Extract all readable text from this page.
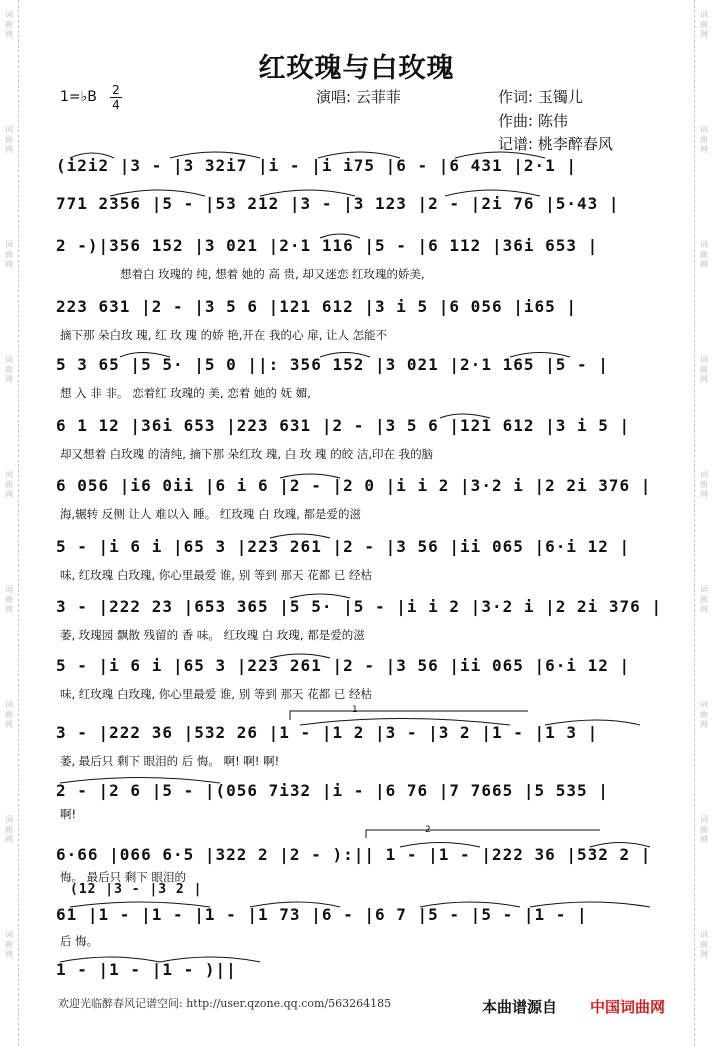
词曲网
词曲网
词曲网
词曲网
词曲网
词曲网
词曲网
词曲网
词曲网
词曲网
词曲网
词曲网
词曲网
词曲网
词曲网
词曲网
词曲网
词曲网
红玫瑰与白玫瑰
1=♭B 2
4	演唱: 云菲菲	作词: 玉镯儿
作曲: 陈伟
记谱: 桃李醉春风
(i2i2 |3 - |3 32i7 |i - |i i75 |6 - |6 431 |2·1 |
771 2356 |5 - |53 212 |3 - |3 123 |2 - |2i 76 |5·43 |
2 -)|356 152 |3 021 |2·1 116 |5 - |6 112 |36i 653 |
想着白 玫瑰的 纯, 想着 她的 高 贵, 却又迷恋 红玫瑰的娇美,
223 631 |2 - |3 5 6 |121 612 |3 i 5 |6 056 |i65 |
摘下那 朵白玫 瑰, 红 玫 瑰 的娇 艳,开在 我的心 扉, 让人 怎能不
5 3 65 |5 5· |5 0 ||: 356 152 |3 021 |2·1 165 |5 - |
想 入 非 非。 恋着红 玫瑰的 美, 恋着 她的 妩 媚,
6 1 12 |36i 653 |223 631 |2 - |3 5 6 |121 612 |3 i 5 |
却又想着 白玫瑰 的清纯, 摘下那 朵红玫 瑰, 白 玫 瑰 的皎 洁,印在 我的脑
6 056 |i6 0ii |6 i 6 |2 - |2 0 |i i 2 |3·2 i |2 2i 376 |
海,辗转 反侧 让人 难以入 睡。 红玫瑰 白 玫瑰, 都是爱的滋
5 - |i 6 i |65 3 |223 261 |2 - |3 56 |ii 065 |6·i 12 |
味, 红玫瑰 白玫瑰, 你心里最爱 谁, 别 等到 那天 花都 已 经枯
3 - |222 23 |653 365 |5 5· |5 - |i i 2 |3·2 i |2 2i 376 |
萎, 玫瑰园 飘散 残留的 香 味。 红玫瑰 白 玫瑰, 都是爱的滋
5 - |i 6 i |65 3 |223 261 |2 - |3 56 |ii 065 |6·i 12 |
味, 红玫瑰 白玫瑰, 你心里最爱 谁, 别 等到 那天 花都 已 经枯
3 - |222 36 |532 26 |1 - |1 2 |3 - |3 2 |1 - |1 3 |
萎, 最后只 剩下 眼泪的 后 悔。 啊! 啊! 啊!
2 - |2 6 |5 - |(056 7i32 |i - |6 76 |7 7665 |5 535 |
啊!
6·66 |066 6·5 |322 2 |2 - ):|| 1 - |1 - |222 36 |532 2 |
悔。 最后只 剩下 眼泪的
(12 |3 - |3 2 |
61 |1 - |1 - |1 - |1 73 |6 - |6 7 |5 - |5 - |1 - |
后 悔。
1 - |1 - |1 - )||
1
2
欢迎光临醉春风记谱空间: http://user.qzone.qq.com/563264185	本曲谱源自 中国词曲网
